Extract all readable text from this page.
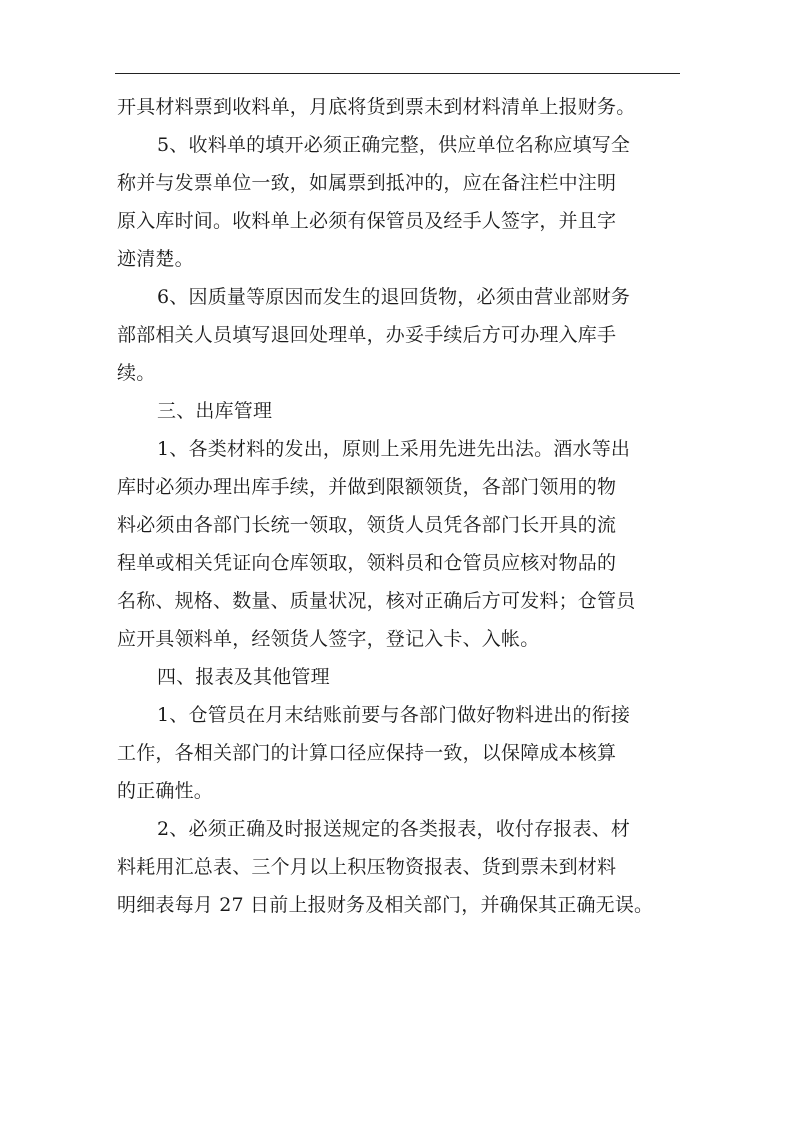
开具材料票到收料单，月底将货到票未到材料清单上报财务。
5、收料单的填开必须正确完整，供应单位名称应填写全
称并与发票单位一致，如属票到抵冲的，应在备注栏中注明
原入库时间。收料单上必须有保管员及经手人签字，并且字
迹清楚。
6、因质量等原因而发生的退回货物，必须由营业部财务
部部相关人员填写退回处理单，办妥手续后方可办理入库手
续。
三、出库管理
1、各类材料的发出，原则上采用先进先出法。酒水等出
库时必须办理出库手续，并做到限额领货，各部门领用的物
料必须由各部门长统一领取，领货人员凭各部门长开具的流
程单或相关凭证向仓库领取，领料员和仓管员应核对物品的
名称、规格、数量、质量状况，核对正确后方可发料；仓管员
应开具领料单，经领货人签字，登记入卡、入帐。
四、报表及其他管理
1、仓管员在月末结账前要与各部门做好物料进出的衔接
工作，各相关部门的计算口径应保持一致，以保障成本核算
的正确性。
2、必须正确及时报送规定的各类报表，收付存报表、材
料耗用汇总表、三个月以上积压物资报表、货到票未到材料
明细表每月 27 日前上报财务及相关部门，并确保其正确无误。
